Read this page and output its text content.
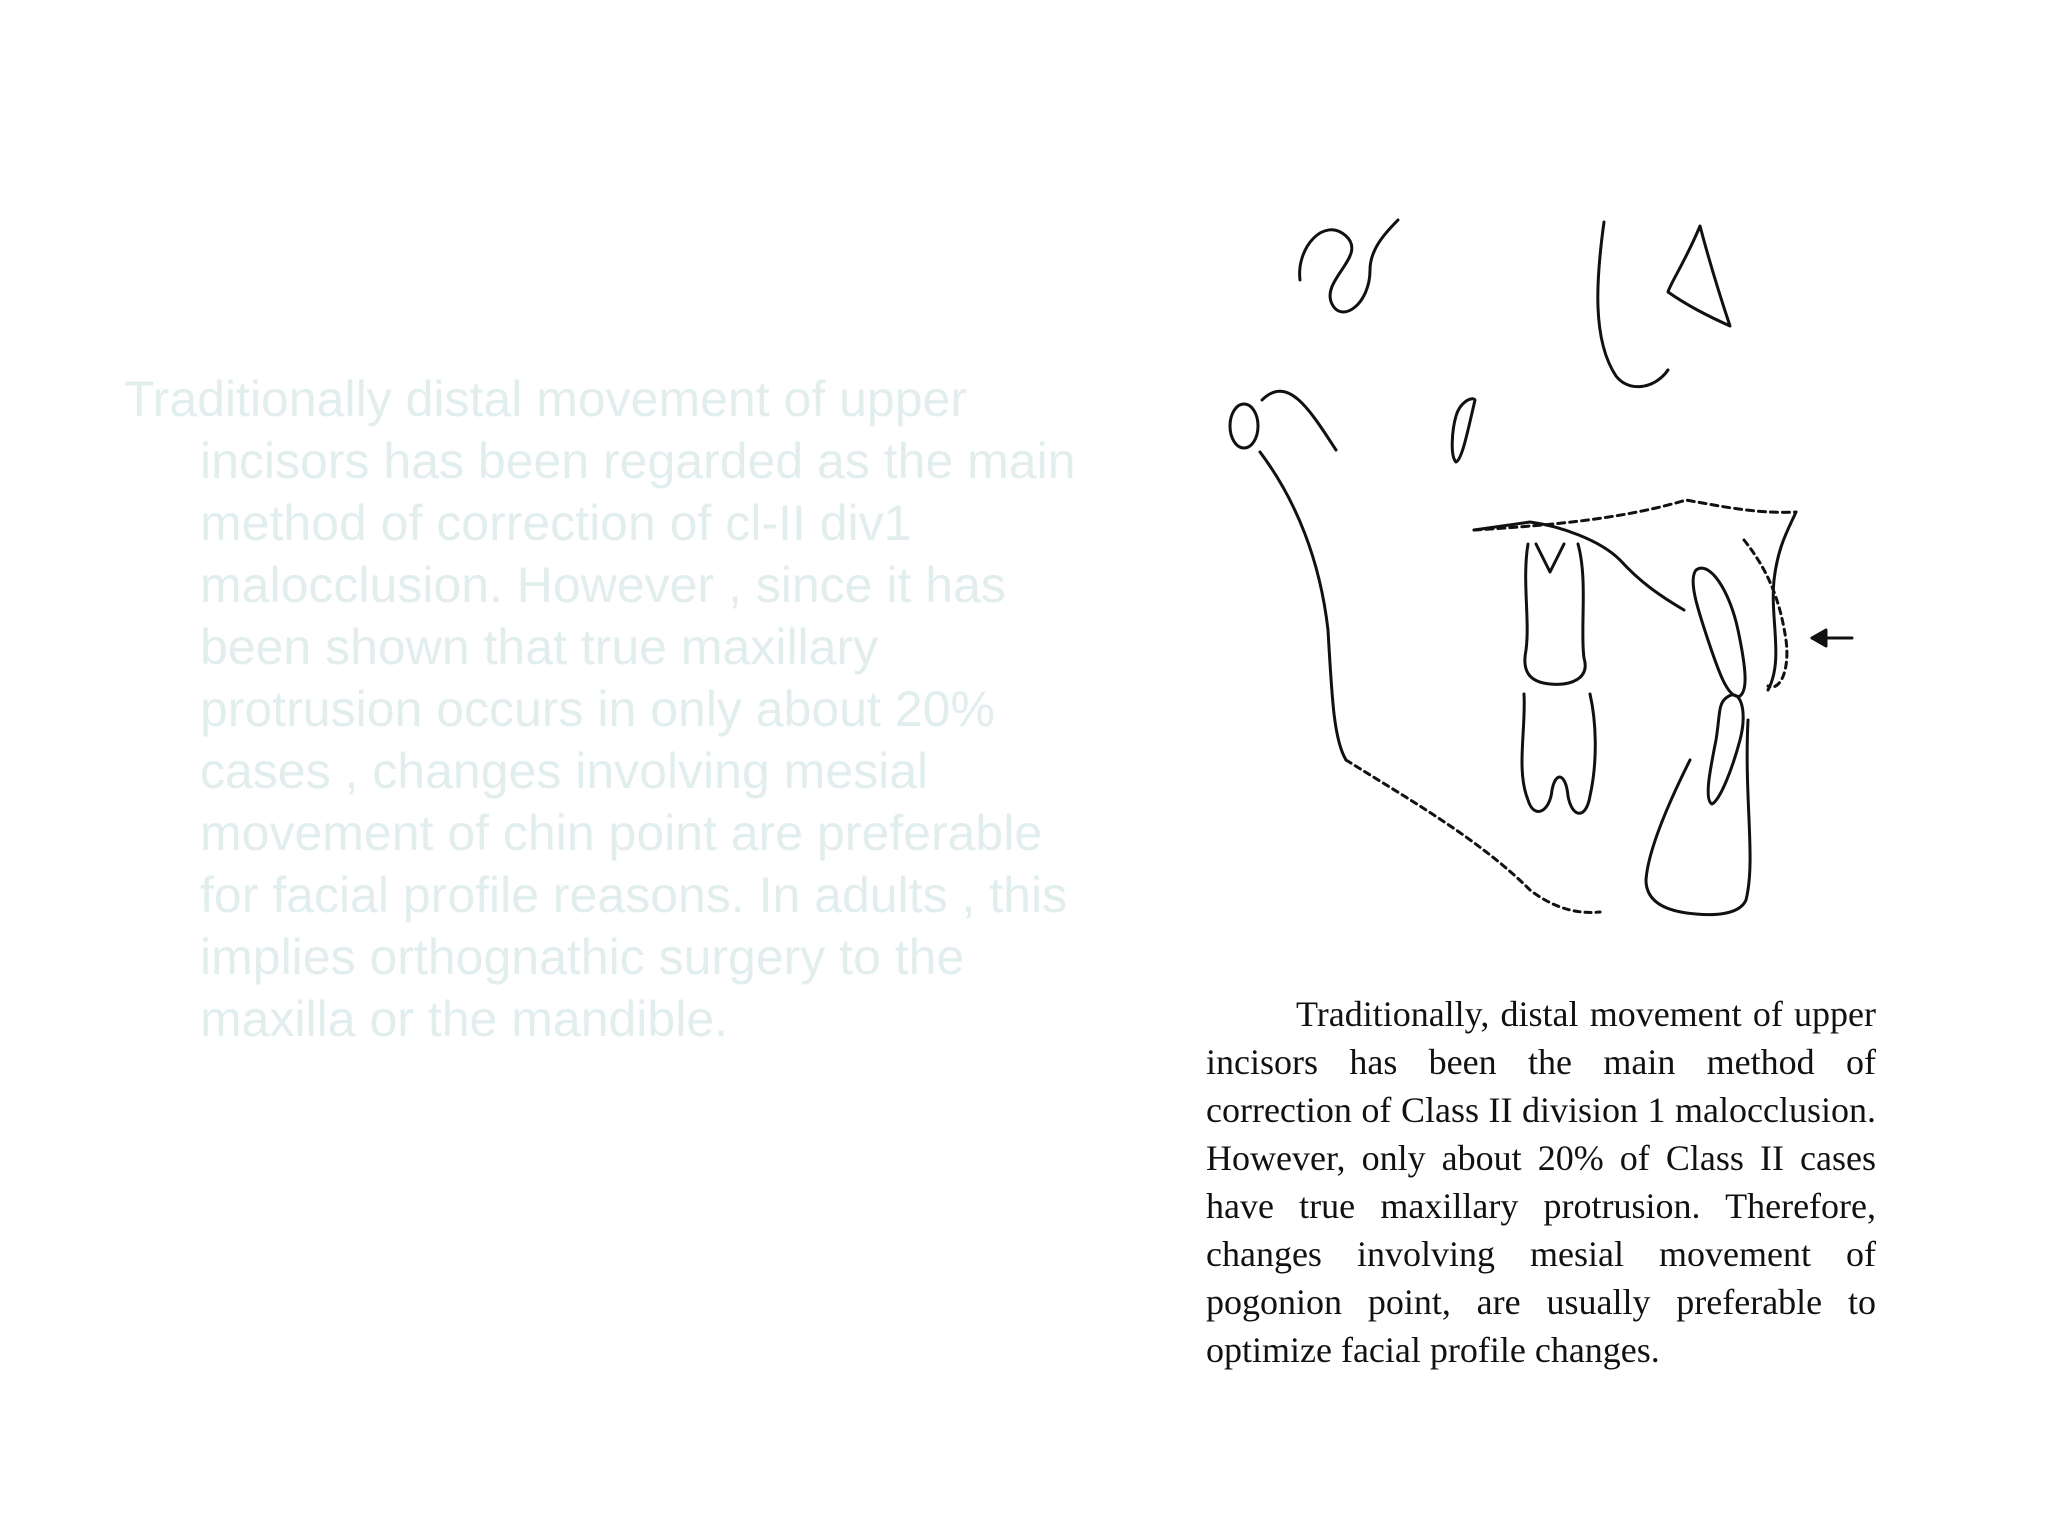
Traditionally distal movement of upper incisors has been regarded as the main method of correction of cl-II div1 malocclusion. However , since it has been shown that true maxillary protrusion occurs in only about 20% cases , changes involving mesial movement of chin point are preferable for facial profile reasons. In adults , this implies orthognathic surgery to the maxilla or the mandible.	Traditionally, distal movement of upper incisors has been the main method of correction of Class II division 1 malocclusion. However, only about 20% of Class II cases have true maxillary protrusion. Therefore, changes involving mesial movement of pogonion point, are usually preferable to optimize facial profile changes.
